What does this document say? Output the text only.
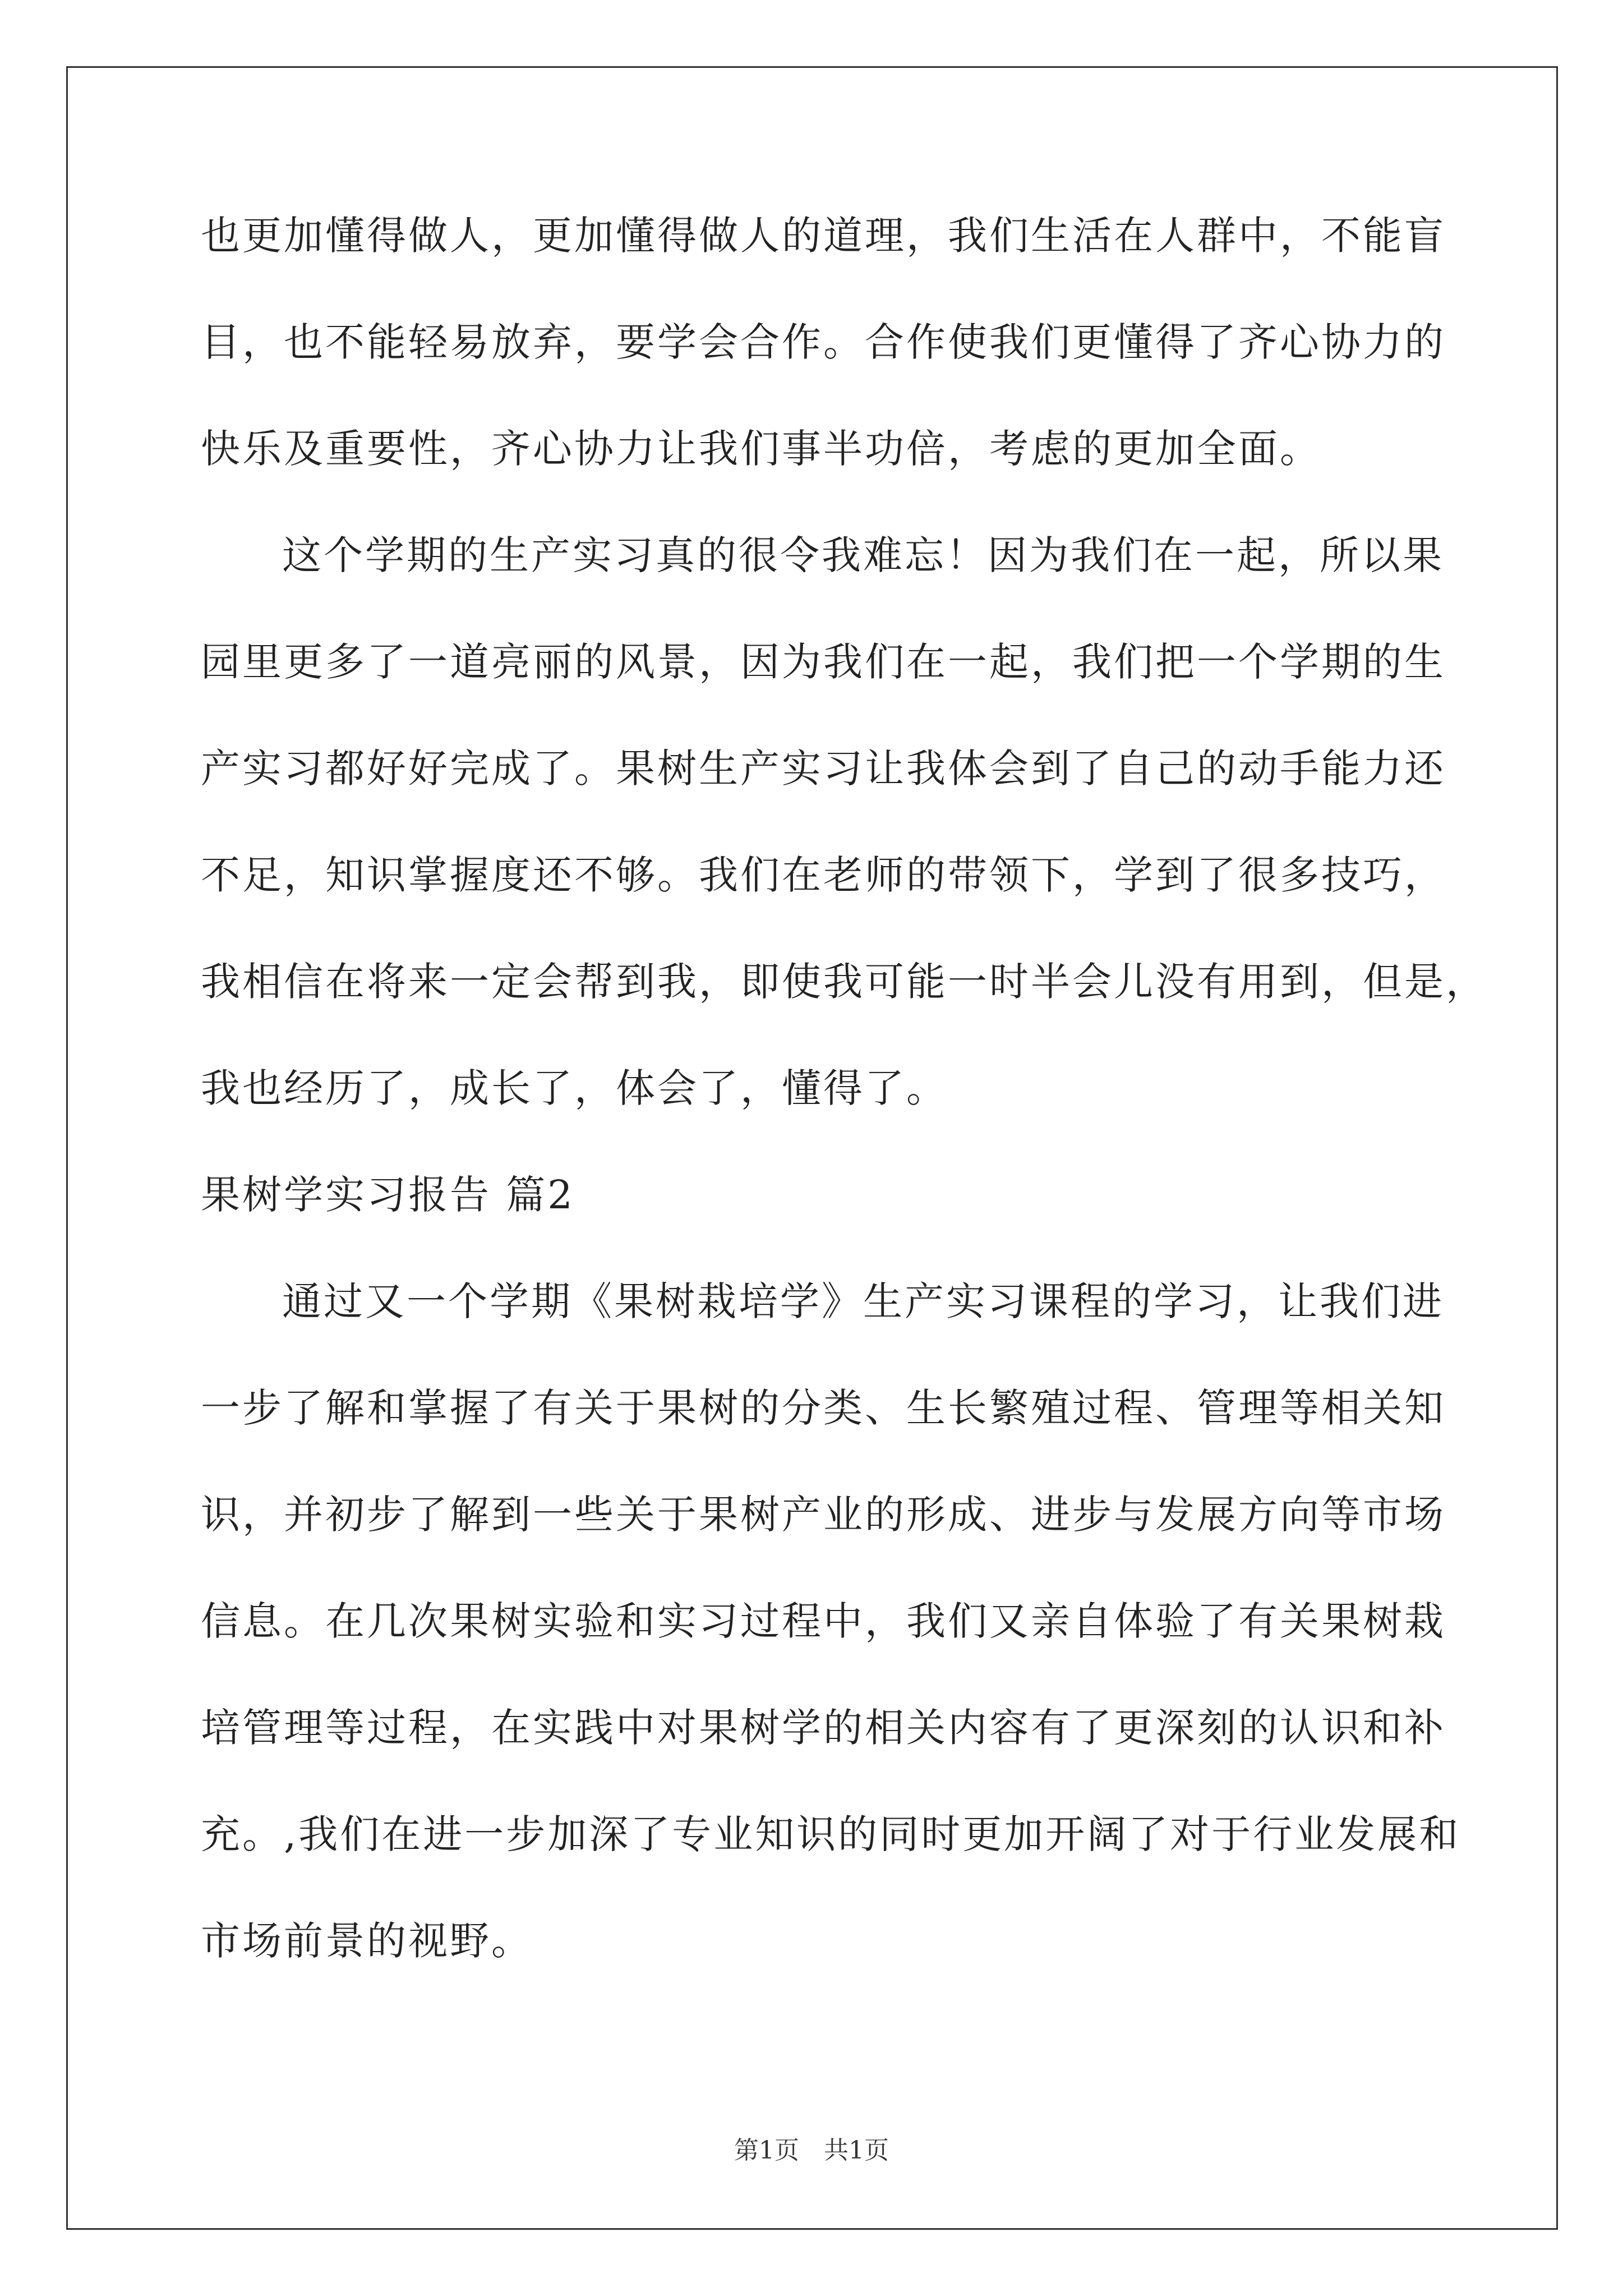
也更加懂得做人，更加懂得做人的道理，我们生活在人群中，不能盲
目，也不能轻易放弃，要学会合作。合作使我们更懂得了齐心协力的
快乐及重要性，齐心协力让我们事半功倍，考虑的更加全面。
这个学期的生产实习真的很令我难忘！因为我们在一起，所以果
园里更多了一道亮丽的风景，因为我们在一起，我们把一个学期的生
产实习都好好完成了。果树生产实习让我体会到了自己的动手能力还
不足，知识掌握度还不够。我们在老师的带领下，学到了很多技巧，
我相信在将来一定会帮到我，即使我可能一时半会儿没有用到，但是，
我也经历了，成长了，体会了，懂得了。
果树学实习报告 篇2
通过又一个学期《果树栽培学》生产实习课程的学习，让我们进
一步了解和掌握了有关于果树的分类、生长繁殖过程、管理等相关知
识，并初步了解到一些关于果树产业的形成、进步与发展方向等市场
信息。在几次果树实验和实习过程中，我们又亲自体验了有关果树栽
培管理等过程，在实践中对果树学的相关内容有了更深刻的认识和补
充。,我们在进一步加深了专业知识的同时更加开阔了对于行业发展和
市场前景的视野。
第1页　共1页
